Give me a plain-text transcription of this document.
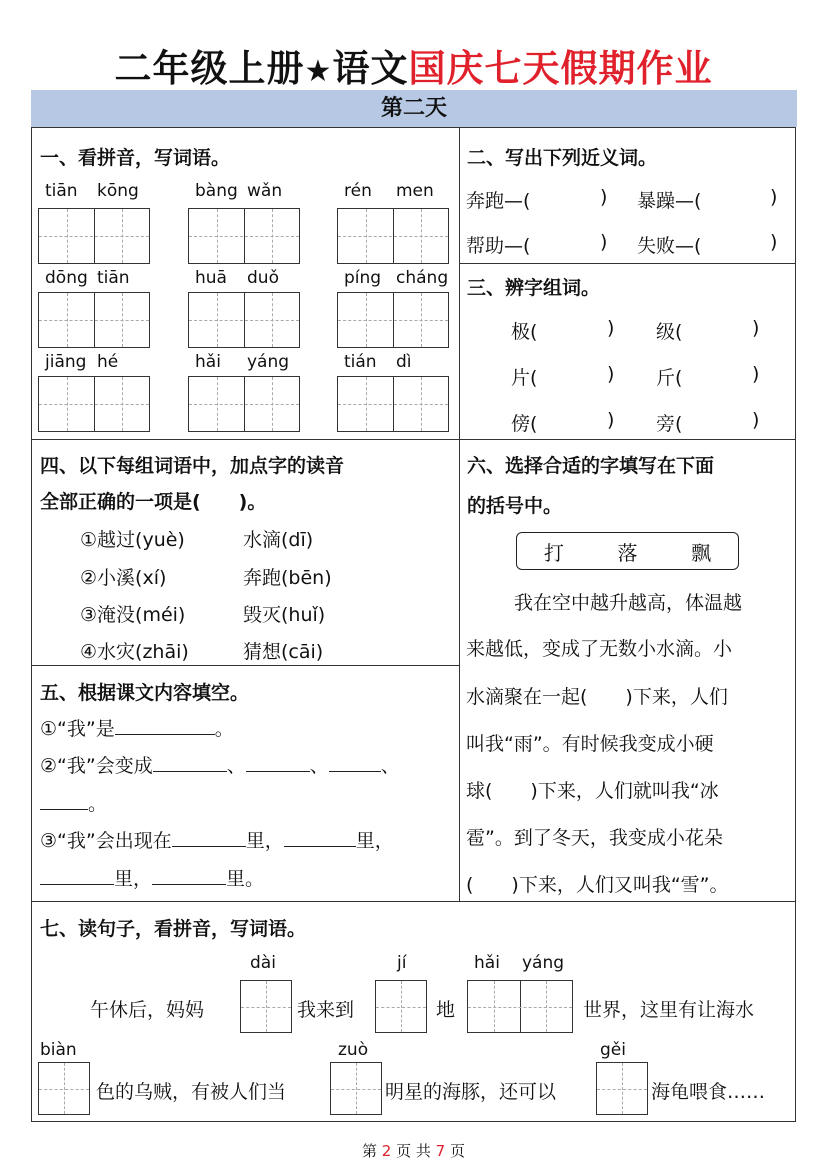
二年级上册★语文国庆七天假期作业
第二天
一、看拼音，写词语。
tiān kōng	bàng wǎn	rén men
dōng tiān	huā duǒ	píng cháng
jiāng hé	hǎi yáng	tián dì
二、写出下列近义词。
奔跑—(	) 暴躁—(	)
帮助—(	) 失败—(	)
三、辨字组词。
极(	) 级(	)
片(	) 斤(	)
傍(	) 旁(	)
四、以下每组词语中，加点字的读音
全部正确的一项是(　　)。
①越过(yuè)	水滴(dī)
②小溪(xí)	奔跑(bēn)
③淹没(méi)	毁灭(huǐ)
④水灾(zhāi)	猜想(cāi)
五、根据课文内容填空。
①“我”是	。
②“我”会变成	、	、	、
。
③“我”会出现在	里，	里，
里，	里。
六、选择合适的字填写在下面
的括号中。
打	落	飘
我在空中越升越高，体温越
来越低，变成了无数小水滴。小
水滴聚在一起(　　)下来，人们
叫我“雨”。有时候我变成小硬
球(　　)下来，人们就叫我“冰
雹”。到了冬天，我变成小花朵
(　　)下来，人们又叫我“雪”。
七、读句子，看拼音，写词语。
dài	jí	hǎi yáng
午休后，妈妈	我来到	地	世界，这里有让海水
biàn	zuò	gěi
色的乌贼，有被人们当	明星的海豚，还可以	海龟喂食……
第 2 页 共 7 页
